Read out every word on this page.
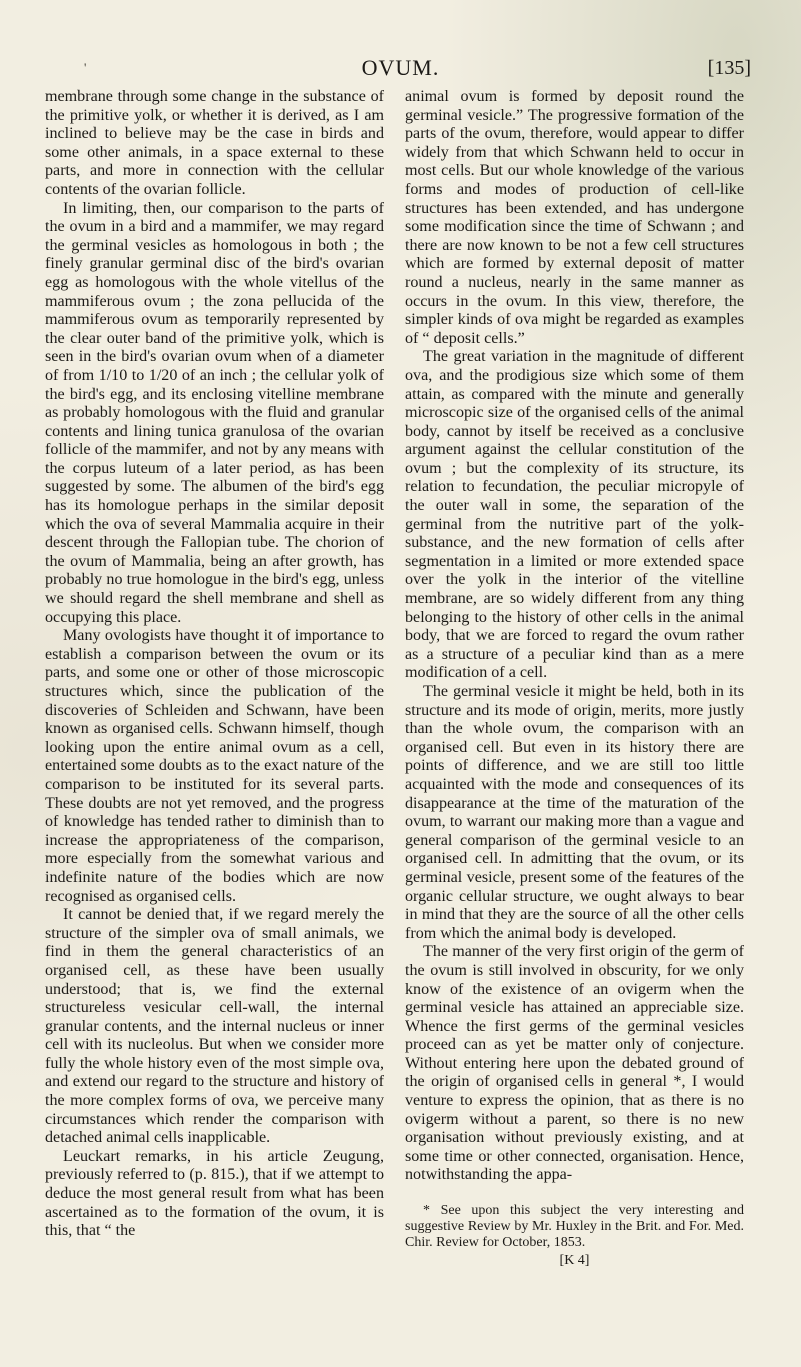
'	OVUM.	[135]

membrane through some change in the substance of the primitive yolk, or whether it is derived, as I am inclined to believe may be the case in birds and some other animals, in a space external to these parts, and more in connection with the cellular contents of the ovarian follicle.

In limiting, then, our comparison to the parts of the ovum in a bird and a mammifer, we may regard the germinal vesicles as homologous in both ; the finely granular germinal disc of the bird's ovarian egg as homologous with the whole vitellus of the mammiferous ovum ; the zona pellucida of the mammiferous ovum as temporarily represented by the clear outer band of the primitive yolk, which is seen in the bird's ovarian ovum when of a diameter of from 1/10 to 1/20 of an inch ; the cellular yolk of the bird's egg, and its enclosing vitelline membrane as probably homologous with the fluid and granular contents and lining tunica granulosa of the ovarian follicle of the mammifer, and not by any means with the corpus luteum of a later period, as has been suggested by some. The albumen of the bird's egg has its homologue perhaps in the similar deposit which the ova of several Mammalia acquire in their descent through the Fallopian tube. The chorion of the ovum of Mammalia, being an after growth, has probably no true homologue in the bird's egg, unless we should regard the shell membrane and shell as occupying this place.

Many ovologists have thought it of importance to establish a comparison between the ovum or its parts, and some one or other of those microscopic structures which, since the publication of the discoveries of Schleiden and Schwann, have been known as organised cells. Schwann himself, though looking upon the entire animal ovum as a cell, entertained some doubts as to the exact nature of the comparison to be instituted for its several parts. These doubts are not yet removed, and the progress of knowledge has tended rather to diminish than to increase the appropriateness of the comparison, more especially from the somewhat various and indefinite nature of the bodies which are now recognised as organised cells.

It cannot be denied that, if we regard merely the structure of the simpler ova of small animals, we find in them the general characteristics of an organised cell, as these have been usually understood; that is, we find the external structureless vesicular cell-wall, the internal granular contents, and the internal nucleus or inner cell with its nucleolus. But when we consider more fully the whole history even of the most simple ova, and extend our regard to the structure and history of the more complex forms of ova, we perceive many circumstances which render the comparison with detached animal cells inapplicable.

Leuckart remarks, in his article Zeugung, previously referred to (p. 815.), that if we attempt to deduce the most general result from what has been ascertained as to the formation of the ovum, it is this, that “ the

animal ovum is formed by deposit round the germinal vesicle.” The progressive formation of the parts of the ovum, therefore, would appear to differ widely from that which Schwann held to occur in most cells. But our whole knowledge of the various forms and modes of production of cell-like structures has been extended, and has undergone some modification since the time of Schwann ; and there are now known to be not a few cell structures which are formed by external deposit of matter round a nucleus, nearly in the same manner as occurs in the ovum. In this view, therefore, the simpler kinds of ova might be regarded as examples of “ deposit cells.”

The great variation in the magnitude of different ova, and the prodigious size which some of them attain, as compared with the minute and generally microscopic size of the organised cells of the animal body, cannot by itself be received as a conclusive argument against the cellular constitution of the ovum ; but the complexity of its structure, its relation to fecundation, the peculiar micropyle of the outer wall in some, the separation of the germinal from the nutritive part of the yolk-substance, and the new formation of cells after segmentation in a limited or more extended space over the yolk in the interior of the vitelline membrane, are so widely different from any thing belonging to the history of other cells in the animal body, that we are forced to regard the ovum rather as a structure of a peculiar kind than as a mere modification of a cell.

The germinal vesicle it might be held, both in its structure and its mode of origin, merits, more justly than the whole ovum, the comparison with an organised cell. But even in its history there are points of difference, and we are still too little acquainted with the mode and consequences of its disappearance at the time of the maturation of the ovum, to warrant our making more than a vague and general comparison of the germinal vesicle to an organised cell. In admitting that the ovum, or its germinal vesicle, present some of the features of the organic cellular structure, we ought always to bear in mind that they are the source of all the other cells from which the animal body is developed.

The manner of the very first origin of the germ of the ovum is still involved in obscurity, for we only know of the existence of an ovigerm when the germinal vesicle has attained an appreciable size. Whence the first germs of the germinal vesicles proceed can as yet be matter only of conjecture. Without entering here upon the debated ground of the origin of organised cells in general *, I would venture to express the opinion, that as there is no ovigerm without a parent, so there is no new organisation without previously existing, and at some time or other connected, organisation. Hence, notwithstanding the appa-

* See upon this subject the very interesting and suggestive Review by Mr. Huxley in the Brit. and For. Med. Chir. Review for October, 1853.
[K 4]
